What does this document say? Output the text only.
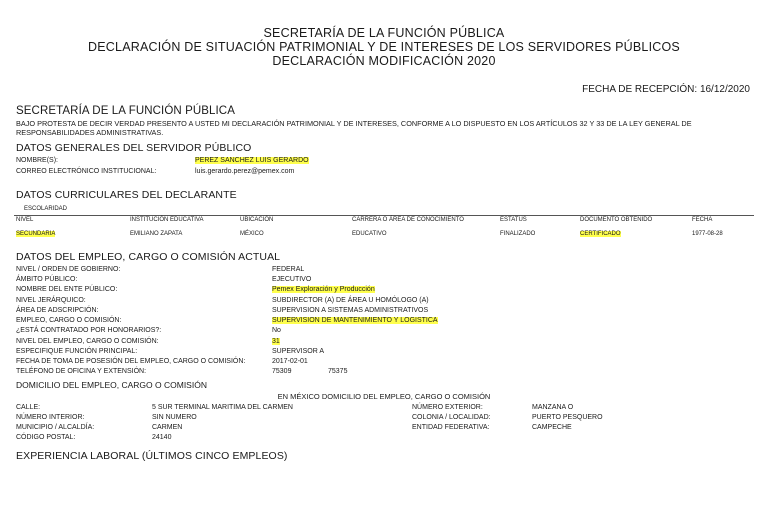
SECRETARÍA DE LA FUNCIÓN PÚBLICA
DECLARACIÓN DE SITUACIÓN PATRIMONIAL Y DE INTERESES DE LOS SERVIDORES PÚBLICOS
DECLARACIÓN MODIFICACIÓN 2020
FECHA DE RECEPCIÓN: 16/12/2020
SECRETARÍA DE LA FUNCIÓN PÚBLICA
BAJO PROTESTA DE DECIR VERDAD PRESENTO A USTED MI DECLARACIÓN PATRIMONIAL Y DE INTERESES, CONFORME A LO DISPUESTO EN LOS ARTÍCULOS 32 Y 33 DE LA LEY GENERAL DE RESPONSABILIDADES ADMINISTRATIVAS.
DATOS GENERALES DEL SERVIDOR PÚBLICO
NOMBRE(S):	PEREZ SANCHEZ LUIS GERARDO
CORREO ELECTRÓNICO INSTITUCIONAL:	luis.gerardo.perez@pemex.com
DATOS CURRICULARES DEL DECLARANTE
ESCOLARIDAD
NIVEL	INSTITUCIÓN EDUCATIVA	UBICACIÓN	CARRERA O ÁREA DE CONOCIMIENTO	ESTATUS	DOCUMENTO OBTENIDO	FECHA
SECUNDARIA	EMILIANO ZAPATA	MÉXICO	EDUCATIVO	FINALIZADO	CERTIFICADO	1977-08-28
DATOS DEL EMPLEO, CARGO O COMISIÓN ACTUAL
NIVEL / ORDEN DE GOBIERNO:	FEDERAL
ÁMBITO PÚBLICO:	EJECUTIVO
NOMBRE DEL ENTE PÚBLICO:	Pemex Exploración y Producción
NIVEL JERÁRQUICO:	SUBDIRECTOR (A) DE ÁREA U HOMÓLOGO (A)
ÁREA DE ADSCRIPCIÓN:	SUPERVISION A SISTEMAS ADMINISTRATIVOS
EMPLEO, CARGO O COMISIÓN:	SUPERVISION DE MANTENIMIENTO Y LOGISTICA
¿ESTÁ CONTRATADO POR HONORARIOS?:	No
NIVEL DEL EMPLEO, CARGO O COMISIÓN:	31
ESPECIFIQUE FUNCIÓN PRINCIPAL:	SUPERVISOR A
FECHA DE TOMA DE POSESIÓN DEL EMPLEO, CARGO O COMISIÓN:	2017-02-01
TELÉFONO DE OFICINA Y EXTENSIÓN:	75309	75375
DOMICILIO DEL EMPLEO, CARGO O COMISIÓN
EN MÉXICO DOMICILIO DEL EMPLEO, CARGO O COMISIÓN
CALLE:	5 SUR TERMINAL MARITIMA DEL CARMEN
NÚMERO INTERIOR:	SIN NUMERO
MUNICIPIO / ALCALDÍA:	CARMEN
CÓDIGO POSTAL:	24140
NÚMERO EXTERIOR:	MANZANA O
COLONIA / LOCALIDAD:	PUERTO PESQUERO
ENTIDAD FEDERATIVA:	CAMPECHE
EXPERIENCIA LABORAL (ÚLTIMOS CINCO EMPLEOS)
